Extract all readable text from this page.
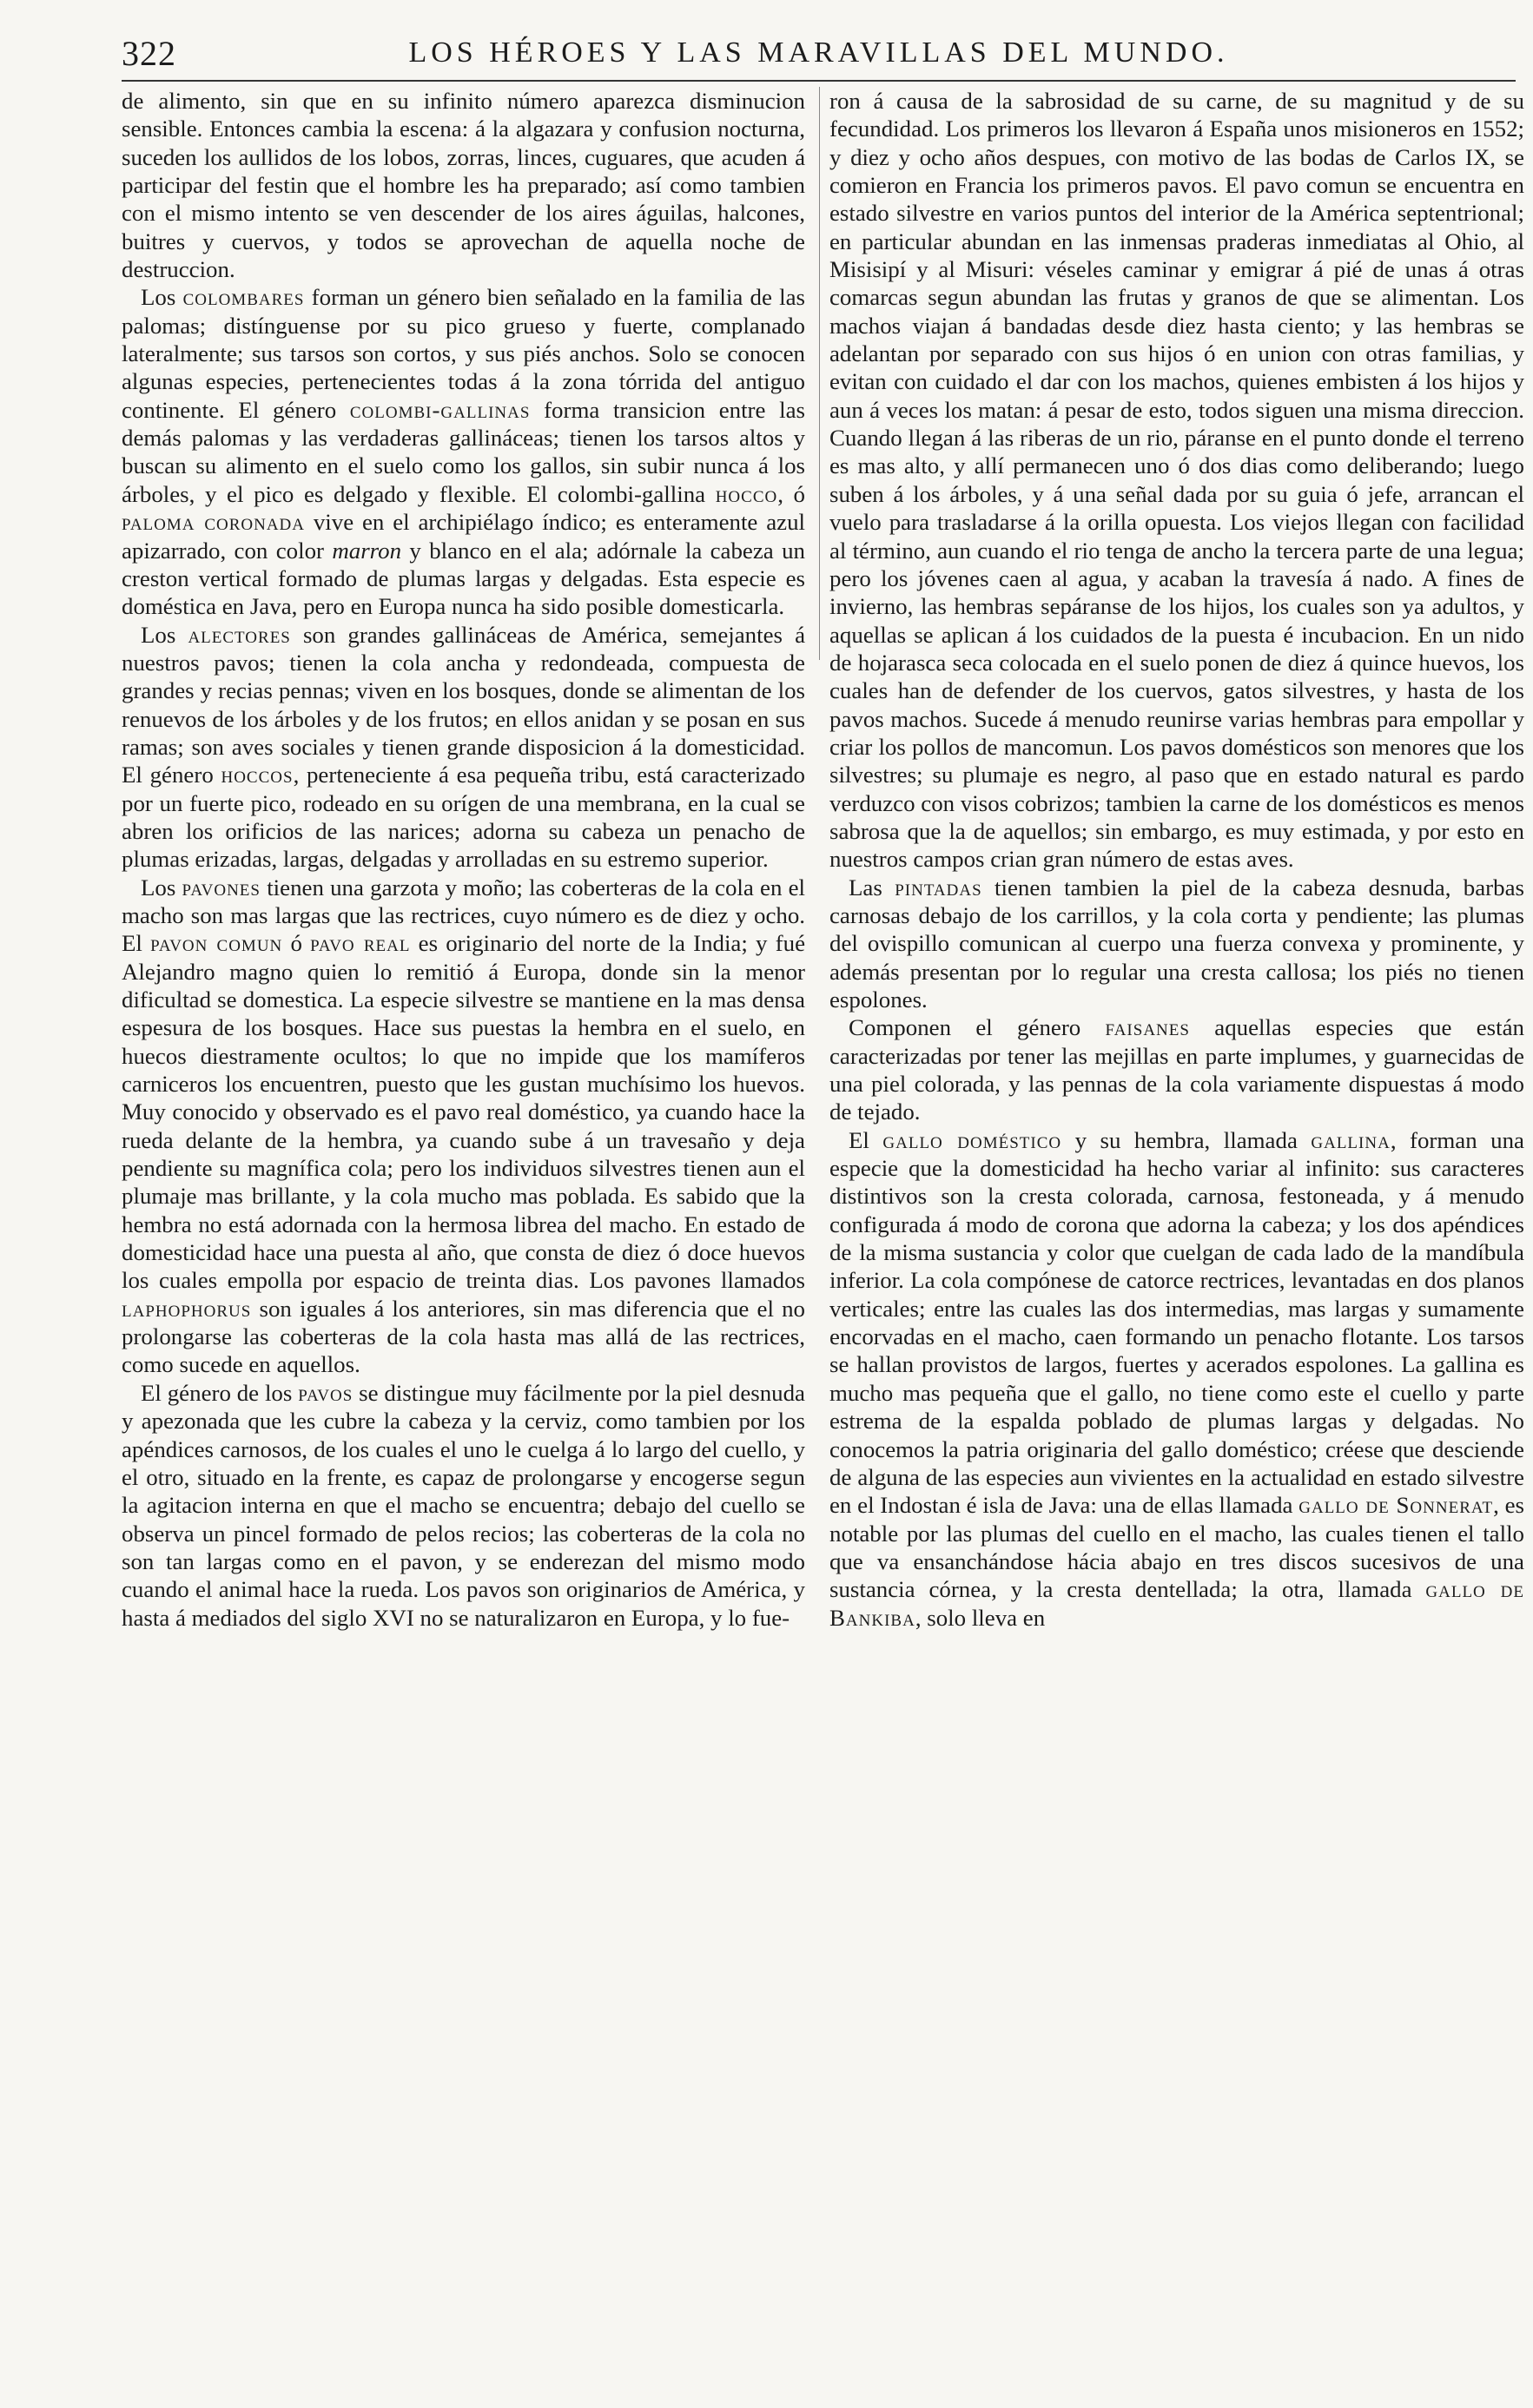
322	LOS HÉROES Y LAS MARAVILLAS DEL MUNDO.

de alimento, sin que en su infinito número aparezca disminucion sensible. Entonces cambia la escena: á la algazara y confusion nocturna, suceden los aullidos de los lobos, zorras, linces, cuguares, que acuden á participar del festin que el hombre les ha preparado; así como tambien con el mismo intento se ven descender de los aires águilas, halcones, buitres y cuervos, y todos se aprovechan de aquella noche de destruccion.

Los colombares forman un género bien señalado en la familia de las palomas; distínguense por su pico grueso y fuerte, complanado lateralmente; sus tarsos son cortos, y sus piés anchos. Solo se conocen algunas especies, pertenecientes todas á la zona tórrida del antiguo continente. El género colombi-gallinas forma transicion entre las demás palomas y las verdaderas gallináceas; tienen los tarsos altos y buscan su alimento en el suelo como los gallos, sin subir nunca á los árboles, y el pico es delgado y flexible. El colombi-gallina hocco, ó paloma coronada vive en el archipiélago índico; es enteramente azul apizarrado, con color marron y blanco en el ala; adórnale la cabeza un creston vertical formado de plumas largas y delgadas. Esta especie es doméstica en Java, pero en Europa nunca ha sido posible domesticarla.

Los alectores son grandes gallináceas de América, semejantes á nuestros pavos; tienen la cola ancha y redondeada, compuesta de grandes y recias pennas; viven en los bosques, donde se alimentan de los renuevos de los árboles y de los frutos; en ellos anidan y se posan en sus ramas; son aves sociales y tienen grande disposicion á la domesticidad. El género hoccos, perteneciente á esa pequeña tribu, está caracterizado por un fuerte pico, rodeado en su orígen de una membrana, en la cual se abren los orificios de las narices; adorna su cabeza un penacho de plumas erizadas, largas, delgadas y arrolladas en su estremo superior.

Los pavones tienen una garzota y moño; las coberteras de la cola en el macho son mas largas que las rectrices, cuyo número es de diez y ocho. El pavon comun ó pavo real es originario del norte de la India; y fué Alejandro magno quien lo remitió á Europa, donde sin la menor dificultad se domestica. La especie silvestre se mantiene en la mas densa espesura de los bosques. Hace sus puestas la hembra en el suelo, en huecos diestramente ocultos; lo que no impide que los mamíferos carniceros los encuentren, puesto que les gustan muchísimo los huevos. Muy conocido y observado es el pavo real doméstico, ya cuando hace la rueda delante de la hembra, ya cuando sube á un travesaño y deja pendiente su magnífica cola; pero los individuos silvestres tienen aun el plumaje mas brillante, y la cola mucho mas poblada. Es sabido que la hembra no está adornada con la hermosa librea del macho. En estado de domesticidad hace una puesta al año, que consta de diez ó doce huevos los cuales empolla por espacio de treinta dias. Los pavones llamados laphophorus son iguales á los anteriores, sin mas diferencia que el no prolongarse las coberteras de la cola hasta mas allá de las rectrices, como sucede en aquellos.

El género de los pavos se distingue muy fácilmente por la piel desnuda y apezonada que les cubre la cabeza y la cerviz, como tambien por los apéndices carnosos, de los cuales el uno le cuelga á lo largo del cuello, y el otro, situado en la frente, es capaz de prolongarse y encogerse segun la agitacion interna en que el macho se encuentra; debajo del cuello se observa un pincel formado de pelos recios; las coberteras de la cola no son tan largas como en el pavon, y se enderezan del mismo modo cuando el animal hace la rueda. Los pavos son originarios de América, y hasta á mediados del siglo XVI no se naturalizaron en Europa, y lo fue-

ron á causa de la sabrosidad de su carne, de su magnitud y de su fecundidad. Los primeros los llevaron á España unos misioneros en 1552; y diez y ocho años despues, con motivo de las bodas de Carlos IX, se comieron en Francia los primeros pavos. El pavo comun se encuentra en estado silvestre en varios puntos del interior de la América septentrional; en particular abundan en las inmensas praderas inmediatas al Ohio, al Misisipí y al Misuri: véseles caminar y emigrar á pié de unas á otras comarcas segun abundan las frutas y granos de que se alimentan. Los machos viajan á bandadas desde diez hasta ciento; y las hembras se adelantan por separado con sus hijos ó en union con otras familias, y evitan con cuidado el dar con los machos, quienes embisten á los hijos y aun á veces los matan: á pesar de esto, todos siguen una misma direccion. Cuando llegan á las riberas de un rio, páranse en el punto donde el terreno es mas alto, y allí permanecen uno ó dos dias como deliberando; luego suben á los árboles, y á una señal dada por su guia ó jefe, arrancan el vuelo para trasladarse á la orilla opuesta. Los viejos llegan con facilidad al término, aun cuando el rio tenga de ancho la tercera parte de una legua; pero los jóvenes caen al agua, y acaban la travesía á nado. A fines de invierno, las hembras sepáranse de los hijos, los cuales son ya adultos, y aquellas se aplican á los cuidados de la puesta é incubacion. En un nido de hojarasca seca colocada en el suelo ponen de diez á quince huevos, los cuales han de defender de los cuervos, gatos silvestres, y hasta de los pavos machos. Sucede á menudo reunirse varias hembras para empollar y criar los pollos de mancomun. Los pavos domésticos son menores que los silvestres; su plumaje es negro, al paso que en estado natural es pardo verduzco con visos cobrizos; tambien la carne de los domésticos es menos sabrosa que la de aquellos; sin embargo, es muy estimada, y por esto en nuestros campos crian gran número de estas aves.

Las pintadas tienen tambien la piel de la cabeza desnuda, barbas carnosas debajo de los carrillos, y la cola corta y pendiente; las plumas del ovispillo comunican al cuerpo una fuerza convexa y prominente, y además presentan por lo regular una cresta callosa; los piés no tienen espolones.

Componen el género faisanes aquellas especies que están caracterizadas por tener las mejillas en parte implumes, y guarnecidas de una piel colorada, y las pennas de la cola variamente dispuestas á modo de tejado.

El gallo doméstico y su hembra, llamada gallina, forman una especie que la domesticidad ha hecho variar al infinito: sus caracteres distintivos son la cresta colorada, carnosa, festoneada, y á menudo configurada á modo de corona que adorna la cabeza; y los dos apéndices de la misma sustancia y color que cuelgan de cada lado de la mandíbula inferior. La cola compónese de catorce rectrices, levantadas en dos planos verticales; entre las cuales las dos intermedias, mas largas y sumamente encorvadas en el macho, caen formando un penacho flotante. Los tarsos se hallan provistos de largos, fuertes y acerados espolones. La gallina es mucho mas pequeña que el gallo, no tiene como este el cuello y parte estrema de la espalda poblado de plumas largas y delgadas. No conocemos la patria originaria del gallo doméstico; créese que desciende de alguna de las especies aun vivientes en la actualidad en estado silvestre en el Indostan é isla de Java: una de ellas llamada gallo de Sonnerat, es notable por las plumas del cuello en el macho, las cuales tienen el tallo que va ensanchándose hácia abajo en tres discos sucesivos de una sustancia córnea, y la cresta dentellada; la otra, llamada gallo de Bankiba, solo lleva en
